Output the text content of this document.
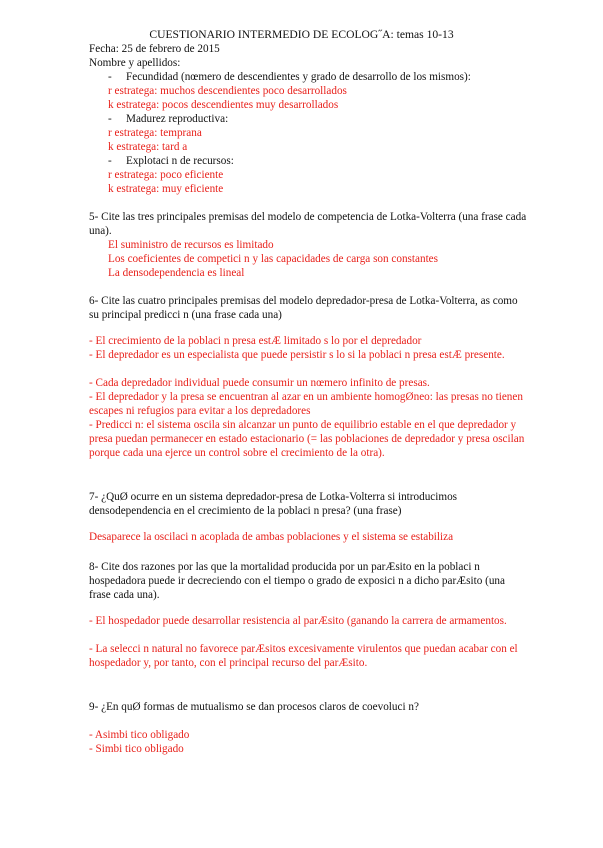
CUESTIONARIO INTERMEDIO DE ECOLOG˝A: temas 10-13
Fecha: 25 de febrero de 2015
Nombre y apellidos:
- Fecundidad (nœmero de descendientes y grado de desarrollo de los mismos):
r estratega: muchos descendientes poco desarrollados
k estratega: pocos descendientes muy desarrollados
- Madurez reproductiva:
r estratega: temprana
k estratega: tard a
- Explotaci n de recursos:
r estratega: poco eficiente
k estratega: muy eficiente
5- Cite las tres principales premisas del modelo de competencia de Lotka-Volterra (una frase cada una).
El suministro de recursos es limitado
Los coeficientes de competici n y las capacidades de carga son constantes
La densodependencia es lineal
6- Cite las cuatro principales premisas del modelo depredador-presa de Lotka-Volterra, as como su principal predicci n (una frase cada una)
- El crecimiento de la poblaci n presa estÆ limitado s lo por el depredador
- El depredador es un especialista que puede persistir s lo si la poblaci n presa estÆ presente.
- Cada depredador individual puede consumir un nœmero infinito de presas.
- El depredador y la presa se encuentran al azar en un ambiente homogØneo: las presas no tienen escapes ni refugios para evitar a los depredadores
- Predicci n: el sistema oscila sin alcanzar un punto de equilibrio estable en el que depredador y presa puedan permanecer en estado estacionario (= las poblaciones de depredador y presa oscilan porque cada una ejerce un control sobre el crecimiento de la otra).
7- ¿QuØ ocurre en un sistema depredador-presa de Lotka-Volterra si introducimos densodependencia en el crecimiento de la poblaci n presa? (una frase)
Desaparece la oscilaci n acoplada de ambas poblaciones y el sistema se estabiliza
8- Cite dos razones por las que la mortalidad producida por un parÆsito en la poblaci n hospedadora puede ir decreciendo con el tiempo o grado de exposici n a dicho parÆsito (una frase cada una).
- El hospedador puede desarrollar resistencia al parÆsito (ganando la carrera de armamentos.
- La selecci n natural no favorece parÆsitos excesivamente virulentos que puedan acabar con el hospedador y, por tanto, con el principal recurso del parÆsito.
9- ¿En quØ formas de mutualismo se dan procesos claros de coevoluci n?
- Asimbi tico obligado
- Simbi tico obligado
